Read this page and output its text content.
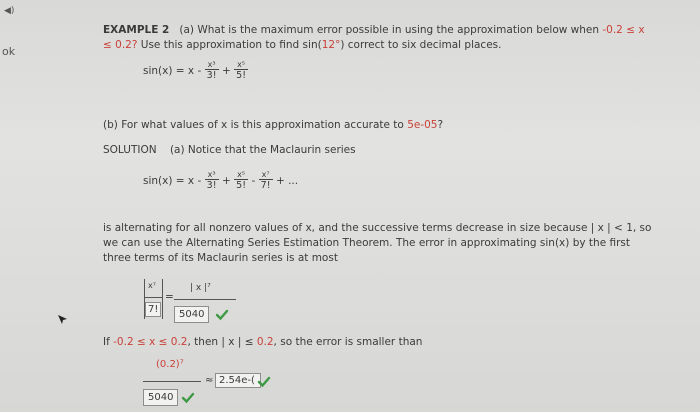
◀)
ok
EXAMPLE 2 (a) What is the maximum error possible in using the approximation below when -0.2 ≤ x
≤ 0.2? Use this approximation to find sin(12°) correct to six decimal places.
$\sin(x) = x - \frac{\text{x³}}{3!} + \frac{\text{x⁵}}{5!}$
(b) For what values of x is this approximation accurate to 5e-05?
SOLUTION (a) Notice that the Maclaurin series
$\sin(x) = x - \frac{\text{x³}}{3!} + \frac{\text{x⁵}}{5!} - \frac{\text{x⁷}}{7!}$ + ...
is alternating for all nonzero values of x, and the successive terms decrease in size because | x | < 1, so
we can use the Alternating Series Estimation Theorem. The error in approximating sin(x) by the first
three terms of its Maclaurin series is at most
x⁷
7!
=
| x |⁷
5040
If -0.2 ≤ x ≤ 0.2, then | x | ≤ 0.2, so the error is smaller than
(0.2)⁷
5040
≈ 2.54e-(
